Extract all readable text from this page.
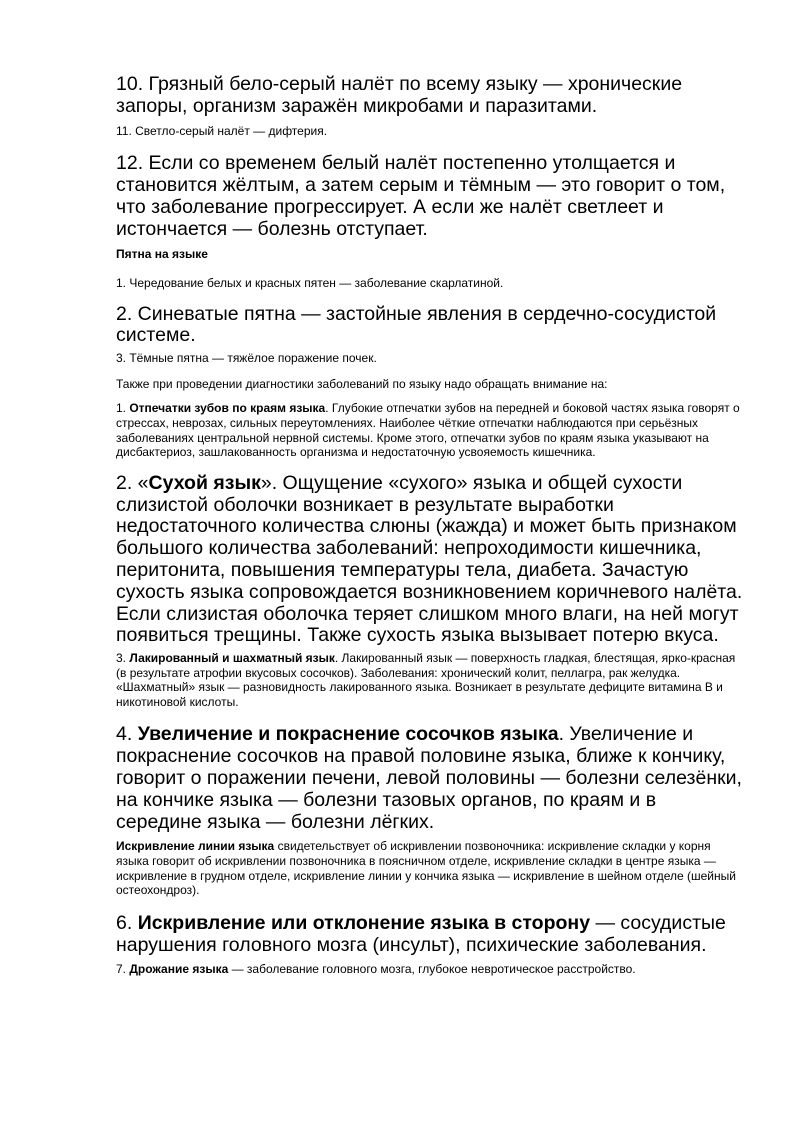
10. Грязный бело-серый налёт по всему языку — хронические запоры, организм заражён микробами и паразитами.

11. Светло-серый налёт — дифтерия.

12. Если со временем белый налёт постепенно утолщается и становится жёлтым, а затем серым и тёмным — это говорит о том, что заболевание прогрессирует. А если же налёт светлеет и истончается — болезнь отступает.

Пятна на языке

1. Чередование белых и красных пятен — заболевание скарлатиной.

2. Синеватые пятна — застойные явления в сердечно-сосудистой системе.

3. Тёмные пятна — тяжёлое поражение почек.

Также при проведении диагностики заболеваний по языку надо обращать внимание на:

1. Отпечатки зубов по краям языка. Глубокие отпечатки зубов на передней и боковой частях языка говорят о стрессах, неврозах, сильных переутомлениях. Наиболее чёткие отпечатки наблюдаются при серьёзных заболеваниях центральной нервной системы. Кроме этого, отпечатки зубов по краям языка указывают на дисбактериоз, зашлакованность организма и недостаточную усвояемость кишечника.

2. «Сухой язык». Ощущение «сухого» языка и общей сухости слизистой оболочки возникает в результате выработки недостаточного количества слюны (жажда) и может быть признаком большого количества заболеваний: непроходимости кишечника, перитонита, повышения температуры тела, диабета. Зачастую сухость языка сопровождается возникновением коричневого налёта. Если слизистая оболочка теряет слишком много влаги, на ней могут появиться трещины. Также сухость языка вызывает потерю вкуса.

3. Лакированный и шахматный язык. Лакированный язык — поверхность гладкая, блестящая, ярко-красная (в результате атрофии вкусовых сосочков). Заболевания: хронический колит, пеллагра, рак желудка. «Шахматный» язык — разновидность лакированного языка. Возникает в результате дефиците витамина В и никотиновой кислоты.

4. Увеличение и покраснение сосочков языка. Увеличение и покраснение сосочков на правой половине языка, ближе к кончику, говорит о поражении печени, левой половины — болезни селезёнки, на кончике языка — болезни тазовых органов, по краям и в середине языка — болезни лёгких.

Искривление линии языка свидетельствует об искривлении позвоночника: искривление складки у корня языка говорит об искривлении позвоночника в поясничном отделе, искривление складки в центре языка — искривление в грудном отделе, искривление линии у кончика языка — искривление в шейном отделе (шейный остеохондроз).

6. Искривление или отклонение языка в сторону — сосудистые нарушения головного мозга (инсульт), психические заболевания.

7. Дрожание языка — заболевание головного мозга, глубокое невротическое расстройство.
